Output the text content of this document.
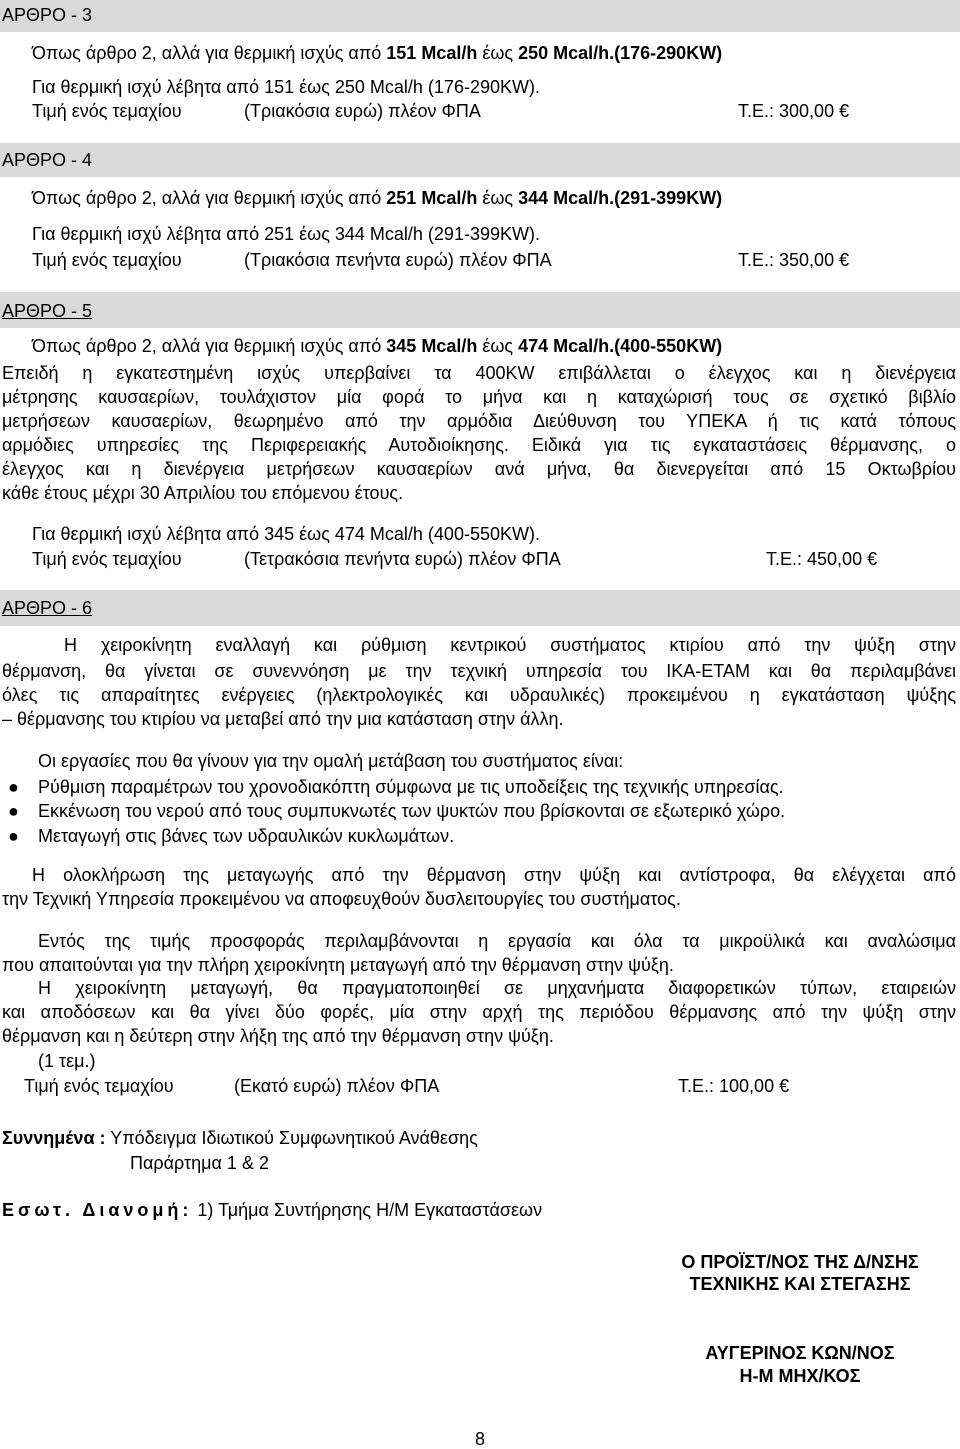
ΑΡΘΡΟ - 3
Όπως άρθρο 2, αλλά για θερμική ισχύς από 151 Mcal/h έως 250 Mcal/h.(176-290KW)
Για θερμική ισχύ λέβητα από 151 έως 250 Mcal/h (176-290KW).
Τιμή ενός τεμαχίου	(Τριακόσια ευρώ) πλέον ΦΠΑ	Τ.Ε.: 300,00 €
ΑΡΘΡΟ - 4
Όπως άρθρο 2, αλλά για θερμική ισχύς από 251 Mcal/h έως 344 Mcal/h.(291-399KW)
Για θερμική ισχύ λέβητα από 251 έως 344 Mcal/h (291-399KW).
Τιμή ενός τεμαχίου	(Τριακόσια πενήντα ευρώ) πλέον ΦΠΑ	Τ.Ε.: 350,00 €
ΑΡΘΡΟ - 5
Όπως άρθρο 2, αλλά για θερμική ισχύς από 345 Mcal/h έως 474 Mcal/h.(400-550KW)
Επειδή η εγκατεστημένη ισχύς υπερβαίνει τα 400KW επιβάλλεται ο έλεγχος και η διενέργεια
μέτρησης καυσαερίων, τουλάχιστον μία φορά το μήνα και η καταχώρισή τους σε σχετικό βιβλίο
μετρήσεων καυσαερίων, θεωρημένο από την αρμόδια Διεύθυνση του ΥΠΕΚΑ ή τις κατά τόπους
αρμόδιες υπηρεσίες της Περιφερειακής Αυτοδιοίκησης. Ειδικά για τις εγκαταστάσεις θέρμανσης, ο
έλεγχος και η διενέργεια μετρήσεων καυσαερίων ανά μήνα, θα διενεργείται από 15 Οκτωβρίου
κάθε έτους μέχρι 30 Απριλίου του επόμενου έτους.
Για θερμική ισχύ λέβητα από 345 έως 474 Mcal/h (400-550KW).
Τιμή ενός τεμαχίου	(Τετρακόσια πενήντα ευρώ) πλέον ΦΠΑ	Τ.Ε.: 450,00 €
ΑΡΘΡΟ - 6
Η χειροκίνητη εναλλαγή και ρύθμιση κεντρικού συστήματος κτιρίου από την ψύξη στην
θέρμανση, θα γίνεται σε συνεννόηση με την τεχνική υπηρεσία του ΙΚΑ-ΕΤΑΜ και θα περιλαμβάνει
όλες τις απαραίτητες ενέργειες (ηλεκτρολογικές και υδραυλικές) προκειμένου η εγκατάσταση ψύξης
– θέρμανσης του κτιρίου να μεταβεί από την μια κατάσταση στην άλλη.
Οι εργασίες που θα γίνουν για την ομαλή μετάβαση του συστήματος είναι:
● Ρύθμιση παραμέτρων του χρονοδιακόπτη σύμφωνα με τις υποδείξεις της τεχνικής υπηρεσίας.
● Εκκένωση του νερού από τους συμπυκνωτές των ψυκτών που βρίσκονται σε εξωτερικό χώρο.
● Μεταγωγή στις βάνες των υδραυλικών κυκλωμάτων.
Η ολοκλήρωση της μεταγωγής από την θέρμανση στην ψύξη και αντίστροφα, θα ελέγχεται από
την Τεχνική Υπηρεσία προκειμένου να αποφευχθούν δυσλειτουργίες του συστήματος.
Εντός της τιμής προσφοράς περιλαμβάνονται η εργασία και όλα τα μικροϋλικά και αναλώσιμα
που απαιτούνται για την πλήρη χειροκίνητη μεταγωγή από την θέρμανση στην ψύξη.
Η χειροκίνητη μεταγωγή, θα πραγματοποιηθεί σε μηχανήματα διαφορετικών τύπων, εταιρειών
και αποδόσεων και θα γίνει δύο φορές, μία στην αρχή της περιόδου θέρμανσης από την ψύξη στην
θέρμανση και η δεύτερη στην λήξη της από την θέρμανση στην ψύξη.
(1 τεμ.)
Τιμή ενός τεμαχίου	(Εκατό ευρώ) πλέον ΦΠΑ	Τ.Ε.: 100,00 €
Συννημένα : Υπόδειγμα Ιδιωτικού Συμφωνητικού Ανάθεσης
Παράρτημα 1 & 2
Εσωτ. Διανομή: 1) Τμήμα Συντήρησης Η/Μ Εγκαταστάσεων
Ο ΠΡΟΪΣΤ/ΝΟΣ ΤΗΣ Δ/ΝΣΗΣ
ΤΕΧΝΙΚΗΣ ΚΑΙ ΣΤΕΓΑΣΗΣ
ΑΥΓΕΡΙΝΟΣ ΚΩΝ/ΝΟΣ
Η-Μ ΜΗΧ/ΚΟΣ
8
